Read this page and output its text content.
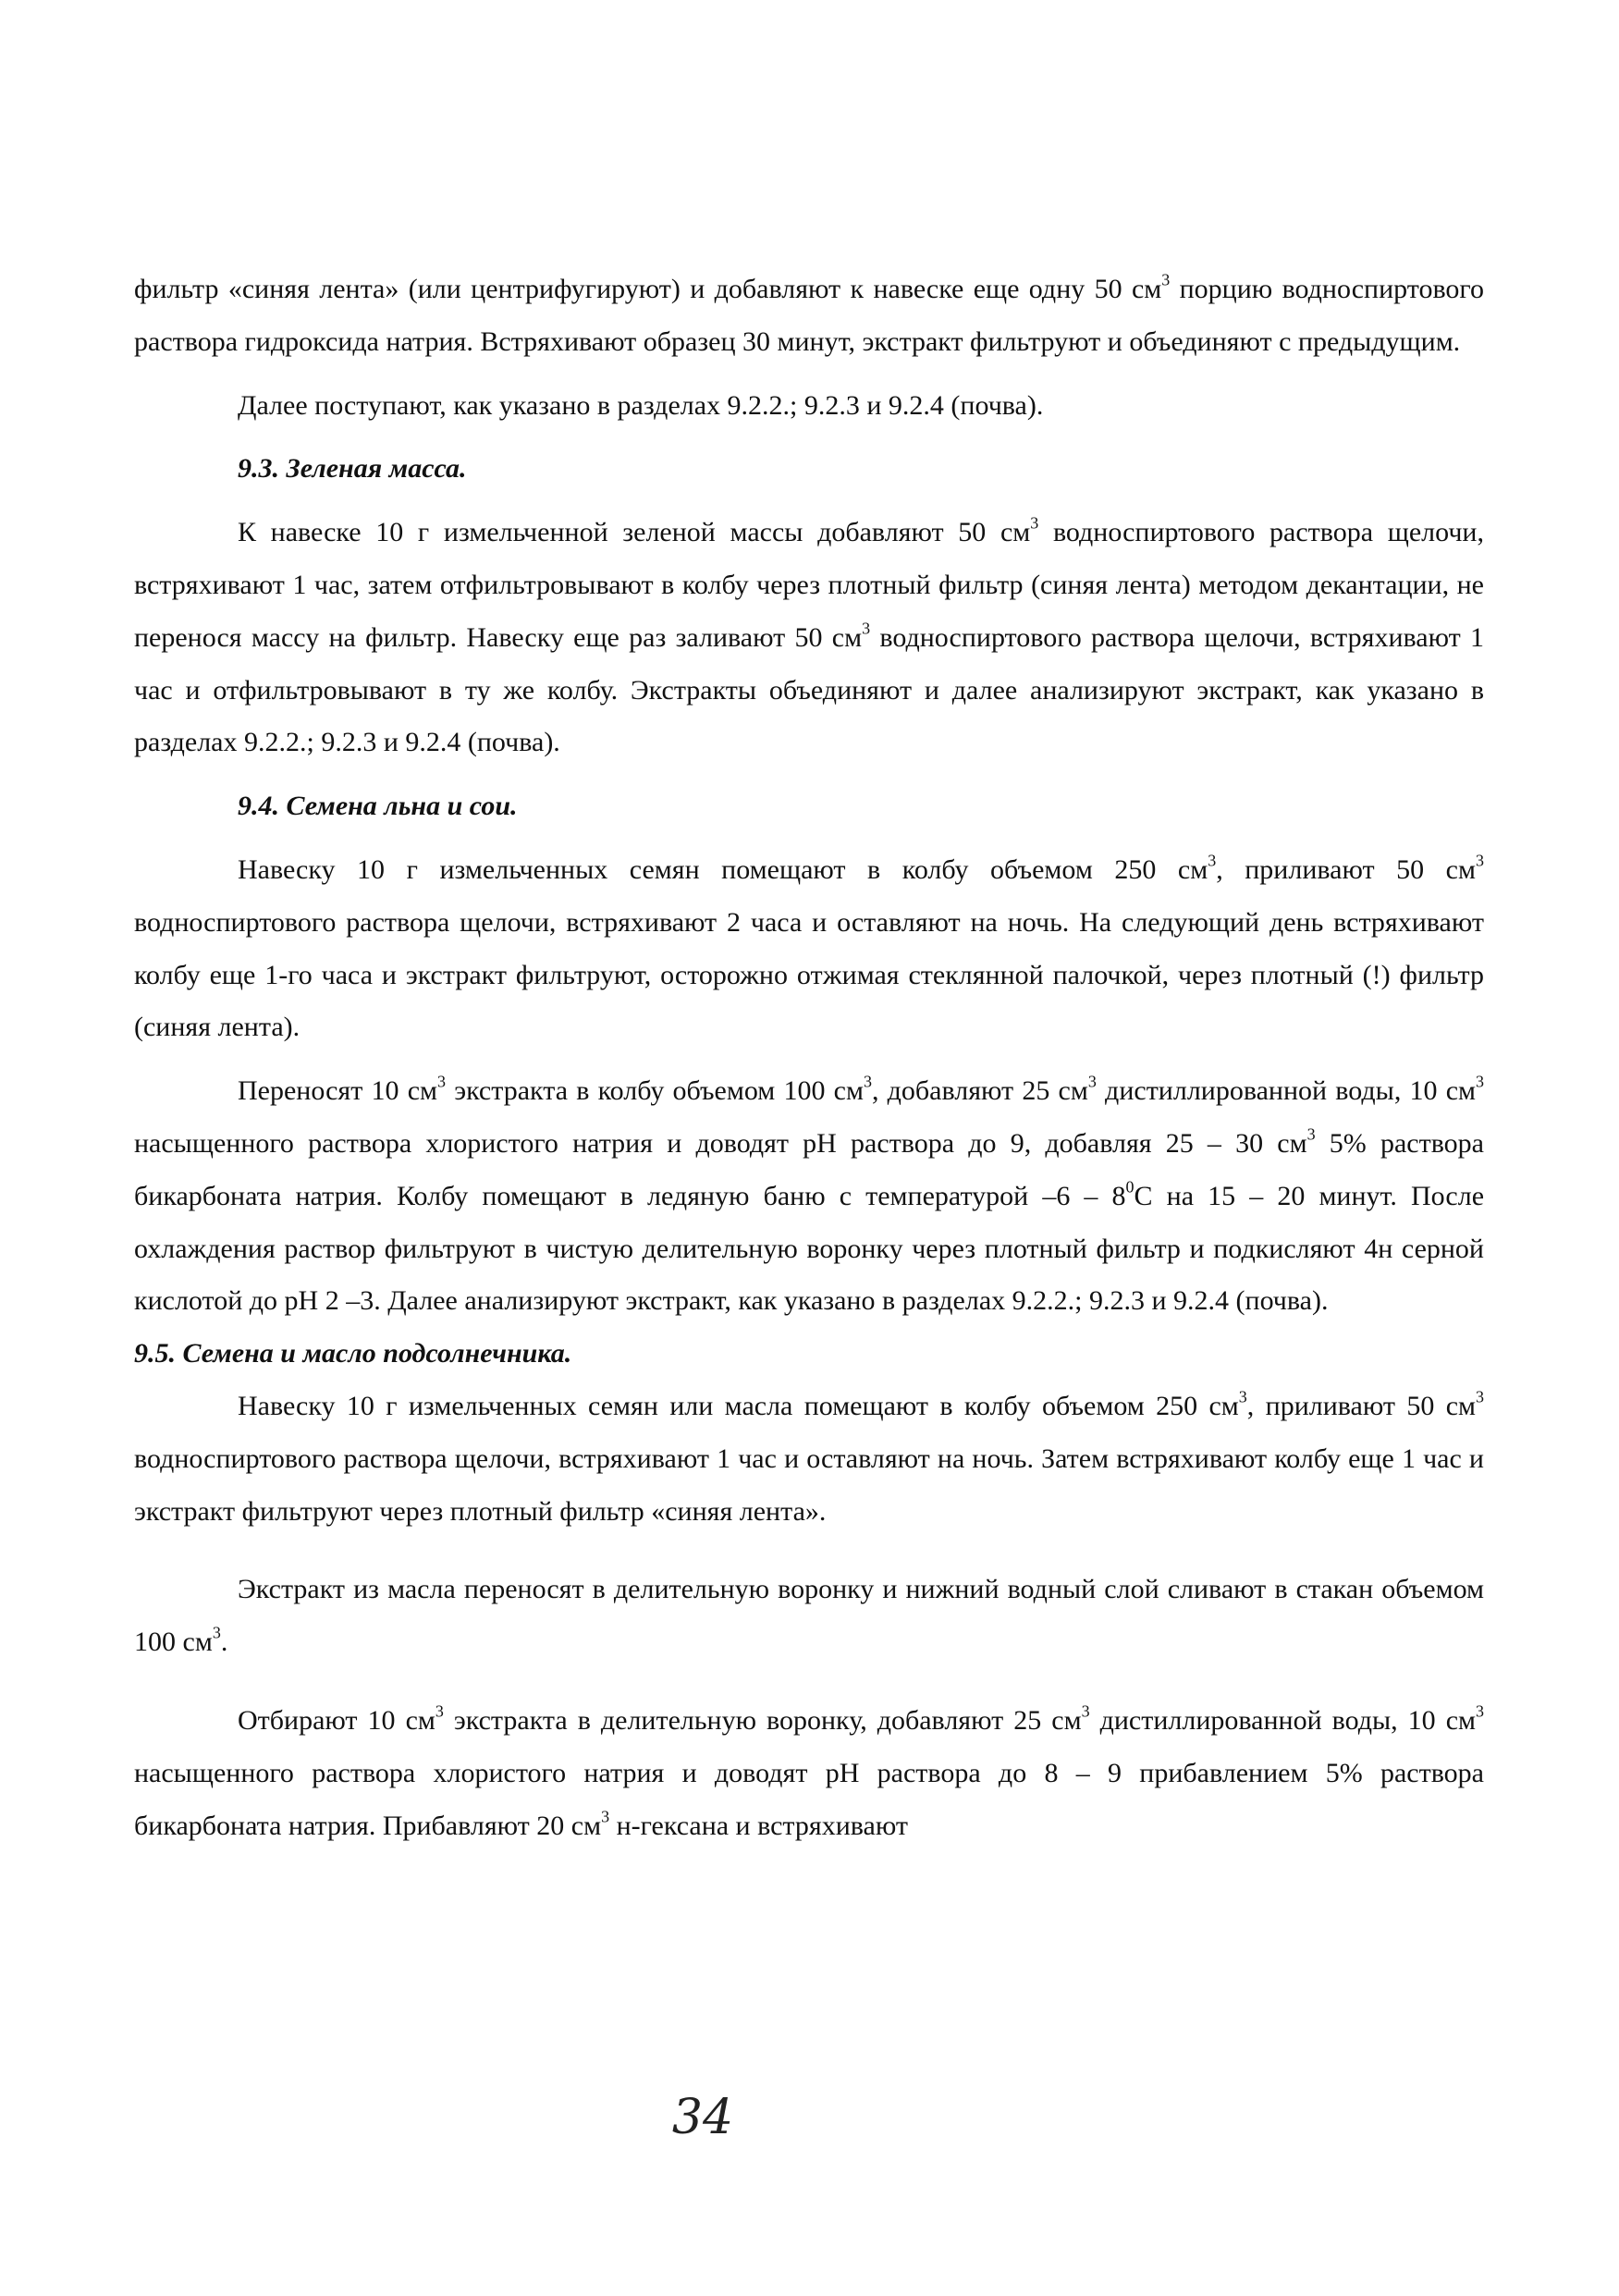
фильтр «синяя лента» (или центрифугируют) и добавляют к навеске еще одну 50 $см^3$ порцию водноспиртового раствора гидроксида натрия. Встряхивают образец 30 минут, экстракт фильтруют и объединяют с предыдущим.

Далее поступают, как указано в разделах 9.2.2.; 9.2.3 и 9.2.4 (почва).

9.3. Зеленая масса.

К навеске 10 г измельченной зеленой массы добавляют 50 $см^3$ водноспиртового раствора щелочи, встряхивают 1 час, затем отфильтровывают в колбу через плотный фильтр (синяя лента) методом декантации, не перенося массу на фильтр. Навеску еще раз заливают 50 $см^3$ водноспиртового раствора щелочи, встряхивают 1 час и отфильтровывают в ту же колбу. Экстракты объединяют и далее анализируют экстракт, как указано в разделах 9.2.2.; 9.2.3 и 9.2.4 (почва).

9.4. Семена льна и сои.

Навеску 10 г измельченных семян помещают в колбу объемом 250 $см^3$, приливают 50 $см^3$ водноспиртового раствора щелочи, встряхивают 2 часа и оставляют на ночь. На следующий день встряхивают колбу еще 1-го часа и экстракт фильтруют, осторожно отжимая стеклянной палочкой, через плотный (!) фильтр (синяя лента).

Переносят 10 $см^3$ экстракта в колбу объемом 100 $см^3$, добавляют 25 $см^3$ дистиллированной воды, 10 $см^3$ насыщенного раствора хлористого натрия и доводят pH раствора до 9, добавляя 25 – 30 $см^3$ 5% раствора бикарбоната натрия. Колбу помещают в ледяную баню с температурой $-6 - 8^0С$ на 15 – 20 минут. После охлаждения раствор фильтруют в чистую делительную воронку через плотный фильтр и подкисляют 4н серной кислотой до pH 2 –3. Далее анализируют экстракт, как указано в разделах 9.2.2.; 9.2.3 и 9.2.4 (почва).

9.5. Семена и масло подсолнечника.

Навеску 10 г измельченных семян или масла помещают в колбу объемом 250 $см^3$, приливают 50 $см^3$ водноспиртового раствора щелочи, встряхивают 1 час и оставляют на ночь. Затем встряхивают колбу еще 1 час и экстракт фильтруют через плотный фильтр «синяя лента».

Экстракт из масла переносят в делительную воронку и нижний водный слой сливают в стакан объемом 100 $см^3$.

Отбирают 10 $см^3$ экстракта в делительную воронку, добавляют 25 $см^3$ дистиллированной воды, 10 $см^3$ насыщенного раствора хлористого натрия и доводят pH раствора до 8 – 9 прибавлением 5% раствора бикарбоната натрия. Прибавляют 20 $см^3$ н-гексана и встряхивают

34
